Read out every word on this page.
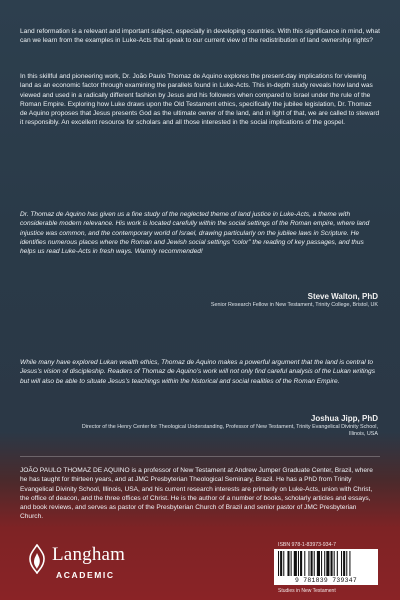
Land reformation is a relevant and important subject, especially in developing countries. With this significance in mind, what can we learn from the examples in Luke-Acts that speak to our current view of the redistribution of land ownership rights?

In this skillful and pioneering work, Dr. João Paulo Thomaz de Aquino explores the present-day implications for viewing land as an economic factor through examining the parallels found in Luke-Acts. This in-depth study reveals how land was viewed and used in a radically different fashion by Jesus and his followers when compared to Israel under the rule of the Roman Empire. Exploring how Luke draws upon the Old Testament ethics, specifically the jubilee legislation, Dr. Thomaz de Aquino proposes that Jesus presents God as the ultimate owner of the land, and in light of that, we are called to steward it responsibly. An excellent resource for scholars and all those interested in the social implications of the gospel.

Dr. Thomaz de Aquino has given us a fine study of the neglected theme of land justice in Luke-Acts, a theme with considerable modern relevance. His work is located carefully within the social settings of the Roman empire, where land injustice was common, and the contemporary world of Israel, drawing particularly on the jubilee laws in Scripture. He identifies numerous places where the Roman and Jewish social settings “color” the reading of key passages, and thus helps us read Luke-Acts in fresh ways. Warmly recommended!

Steve Walton, PhD
Senior Research Fellow in New Testament, Trinity College, Bristol, UK

While many have explored Lukan wealth ethics, Thomaz de Aquino makes a powerful argument that the land is central to Jesus’s vision of discipleship. Readers of Thomaz de Aquino’s work will not only find careful analysis of the Lukan writings but will also be able to situate Jesus’s teachings within the historical and social realities of the Roman Empire.

Joshua Jipp, PhD
Director of the Henry Center for Theological Understanding, Professor of New Testament, Trinity Evangelical Divinity School, Illinois, USA

JOÃO PAULO THOMAZ DE AQUINO is a professor of New Testament at Andrew Jumper Graduate Center, Brazil, where he has taught for thirteen years, and at JMC Presbyterian Theological Seminary, Brazil. He has a PhD from Trinity Evangelical Divinity School, Illinois, USA, and his current research interests are primarily on Luke-Acts, union with Christ, the office of deacon, and the three offices of Christ. He is the author of a number of books, scholarly articles and essays, and book reviews, and serves as pastor of the Presbyterian Church of Brazil and senior pastor of JMC Presbyterian Church.

Langham
ACADEMIC
ISBN 978-1-83973-934-7
9 781839 739347
Studies in New Testament
